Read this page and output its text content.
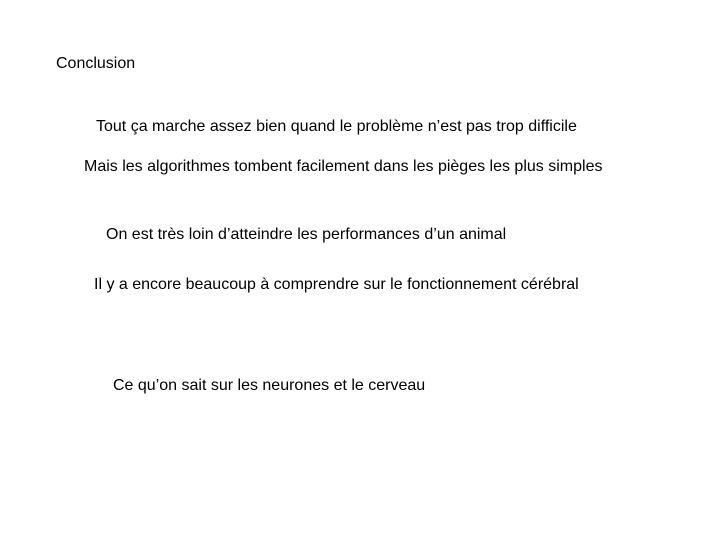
Conclusion
Tout ça marche assez bien quand le problème n’est pas trop difficile
Mais les algorithmes tombent facilement dans les pièges les plus simples
On est très loin d’atteindre les performances d’un animal
Il y a encore beaucoup à comprendre sur le fonctionnement cérébral
Ce qu’on sait sur les neurones et le cerveau
